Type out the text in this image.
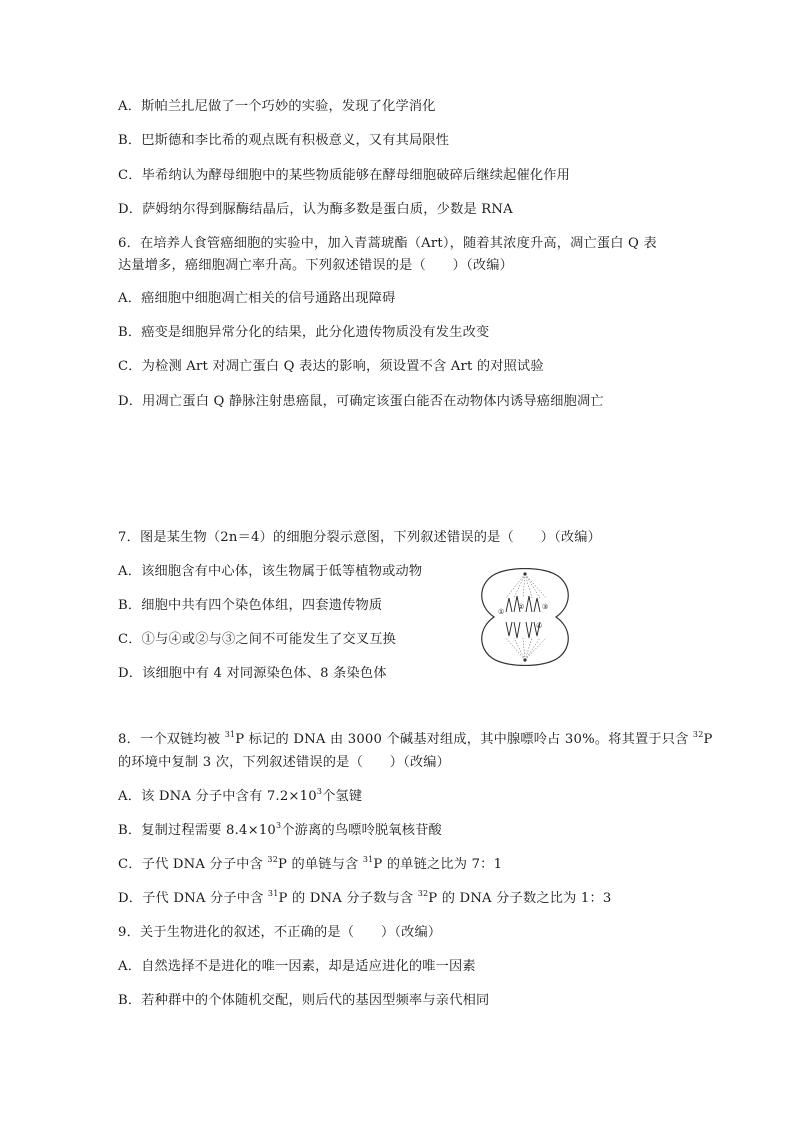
A．斯帕兰扎尼做了一个巧妙的实验，发现了化学消化
B．巴斯德和李比希的观点既有积极意义，又有其局限性
C．毕希纳认为酵母细胞中的某些物质能够在酵母细胞破碎后继续起催化作用
D．萨姆纳尔得到脲酶结晶后，认为酶多数是蛋白质，少数是 RNA
6．在培养人食管癌细胞的实验中，加入青蒿琥酯（Art），随着其浓度升高，凋亡蛋白 Q 表
达量增多，癌细胞凋亡率升高。下列叙述错误的是（　　）（改编）
A．癌细胞中细胞凋亡相关的信号通路出现障碍
B．癌变是细胞异常分化的结果，此分化遗传物质没有发生改变
C．为检测 Art 对凋亡蛋白 Q 表达的影响，须设置不含 Art 的对照试验
D．用凋亡蛋白 Q 静脉注射患癌鼠，可确定该蛋白能否在动物体内诱导癌细胞凋亡
7．图是某生物（2n＝4）的细胞分裂示意图，下列叙述错误的是（　　）（改编）
A．该细胞含有中心体，该生物属于低等植物或动物
B．细胞中共有四个染色体组，四套遗传物质
C．①与④或②与③之间不可能发生了交叉互换
D．该细胞中有 4 对同源染色体、8 条染色体
①
②	③
④
8．一个双链均被 $^{31}$P 标记的 DNA 由 3000 个碱基对组成，其中腺嘌呤占 30%。将其置于只含 $^{32}$P
的环境中复制 3 次，下列叙述错误的是（　　）（改编）
A．该 DNA 分子中含有 $7.2\times 10^3$个氢键
B．复制过程需要 $8.4\times 10^3$个游离的鸟嘌呤脱氧核苷酸
C．子代 DNA 分子中含 $^{32}$P 的单链与含 $^{31}$P 的单链之比为 7：1
D．子代 DNA 分子中含 $^{31}$P 的 DNA 分子数与含 $^{32}$P 的 DNA 分子数之比为 1：3
9．关于生物进化的叙述，不正确的是（　　）（改编）
A．自然选择不是进化的唯一因素，却是适应进化的唯一因素
B．若种群中的个体随机交配，则后代的基因型频率与亲代相同
